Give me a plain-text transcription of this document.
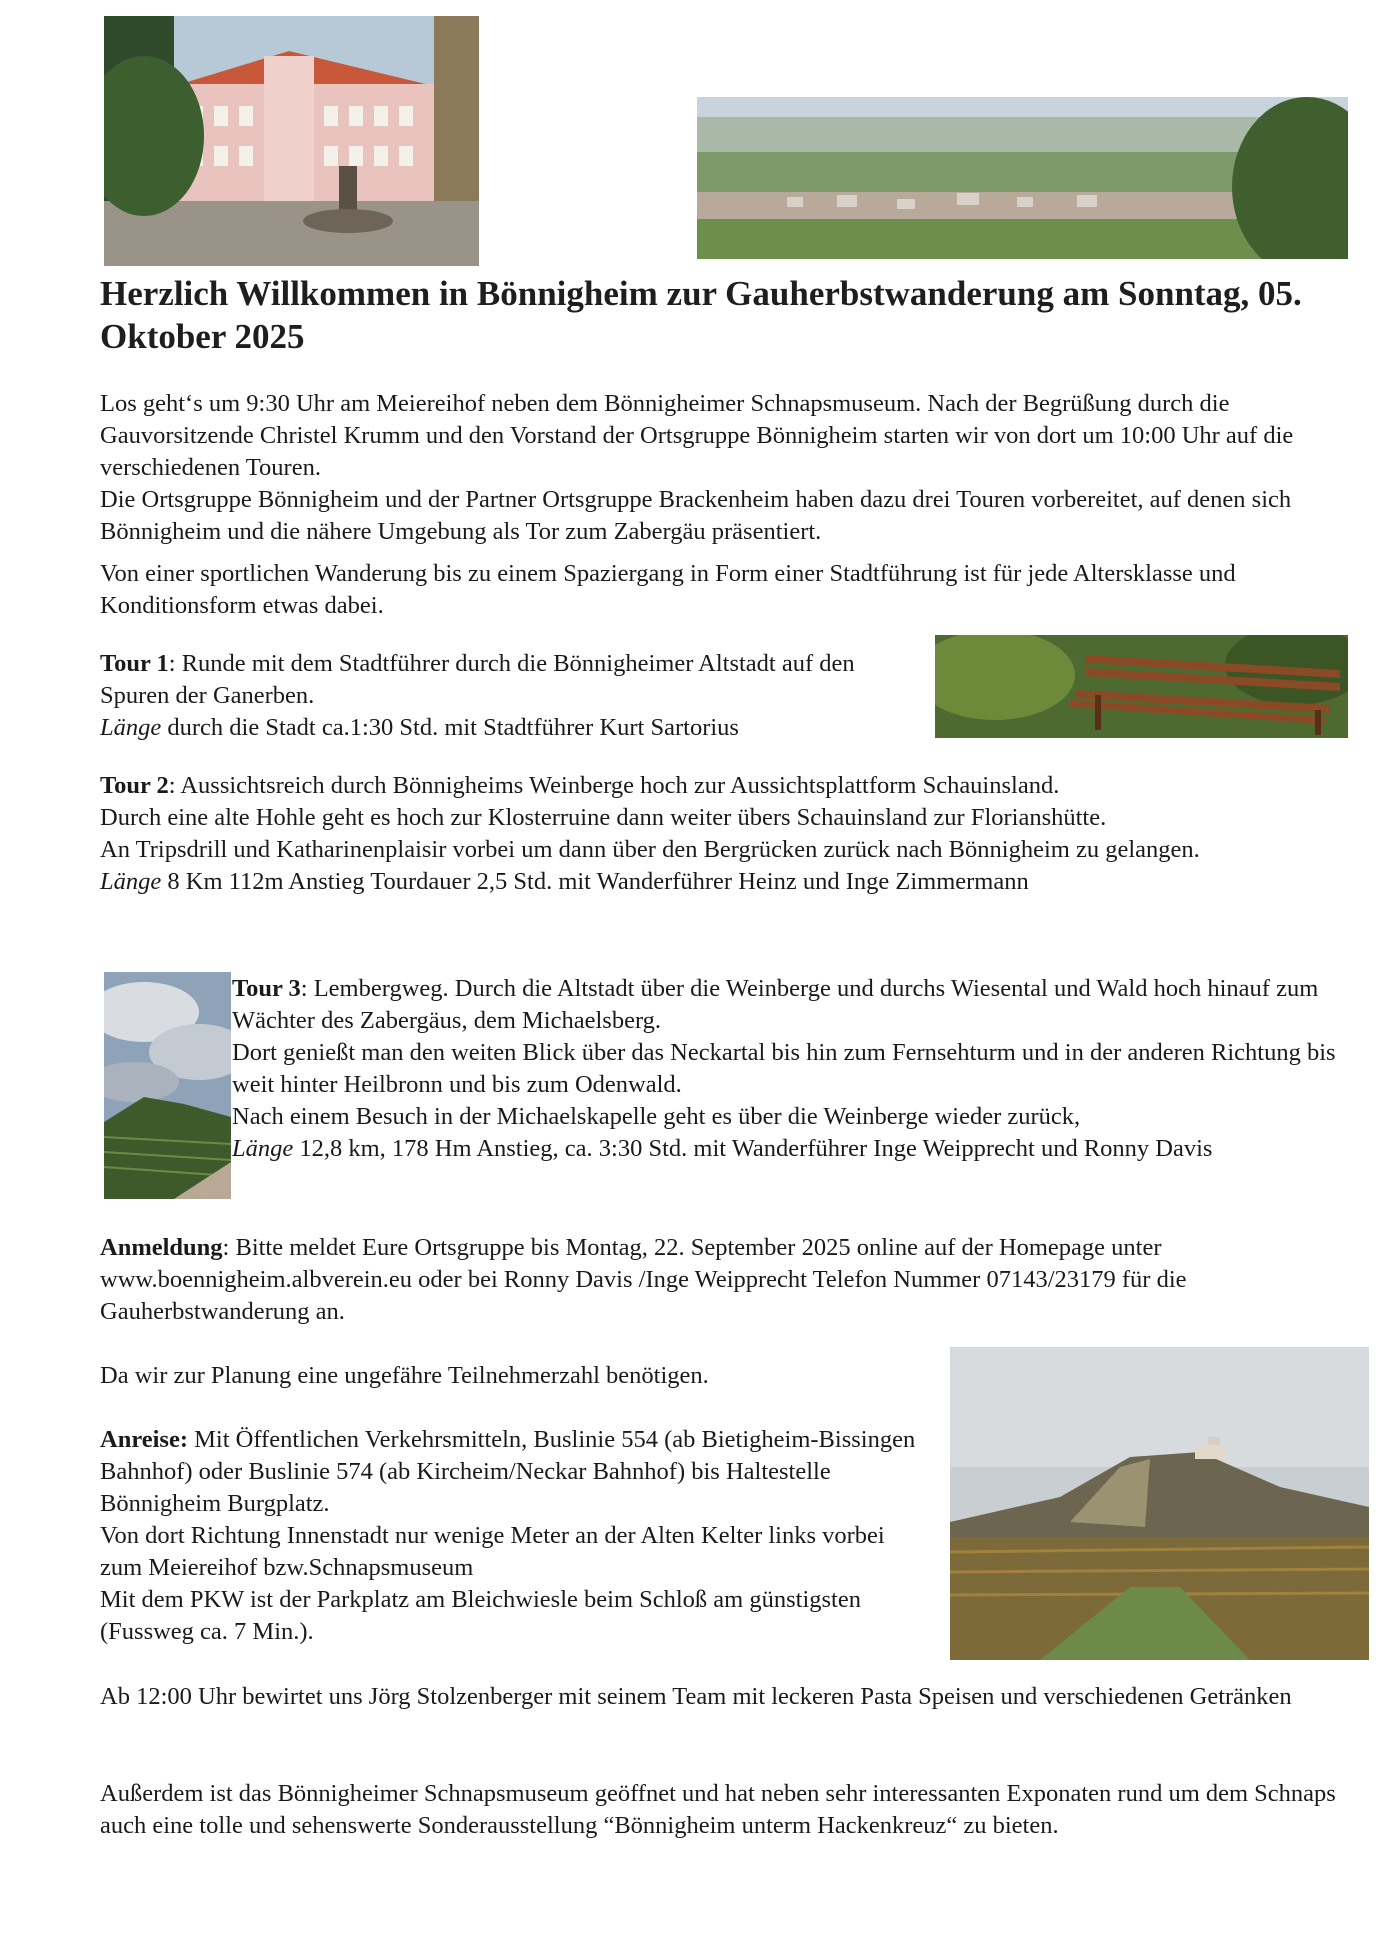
Herzlich Willkommen in Bönnigheim zur Gauherbstwanderung am Sonntag, 05. Oktober 2025

Los geht‘s um 9:30 Uhr am Meiereihof neben dem Bönnigheimer Schnapsmuseum. Nach der Begrüßung durch die Gauvorsitzende Christel Krumm und den Vorstand der Ortsgruppe Bönnigheim starten wir von dort um 10:00 Uhr auf die verschiedenen Touren.

Die Ortsgruppe Bönnigheim und der Partner Ortsgruppe Brackenheim haben dazu drei Touren vorbereitet, auf denen sich Bönnigheim und die nähere Umgebung als Tor zum Zabergäu präsentiert.

Von einer sportlichen Wanderung bis zu einem Spaziergang in Form einer Stadtführung ist für jede Altersklasse und Konditionsform etwas dabei.

Tour 1: Runde mit dem Stadtführer durch die Bönnigheimer Altstadt auf den Spuren der Ganerben.

Länge durch die Stadt ca.1:30 Std. mit Stadtführer Kurt Sartorius

Tour 2: Aussichtsreich durch Bönnigheims Weinberge hoch zur Aussichtsplattform Schauinsland.

Durch eine alte Hohle geht es hoch zur Klosterruine dann weiter übers Schauinsland zur Florianshütte.

An Tripsdrill und Katharinenplaisir vorbei um dann über den Bergrücken zurück nach Bönnigheim zu gelangen.

Länge 8 Km 112m Anstieg Tourdauer 2,5 Std. mit Wanderführer Heinz und Inge Zimmermann

Tour 3: Lembergweg. Durch die Altstadt über die Weinberge und durchs Wiesental und Wald hoch hinauf zum Wächter des Zabergäus, dem Michaelsberg.

Dort genießt man den weiten Blick über das Neckartal bis hin zum Fernsehturm und in der anderen Richtung bis weit hinter Heilbronn und bis zum Odenwald.

Nach einem Besuch in der Michaelskapelle geht es über die Weinberge wieder zurück,

Länge 12,8 km, 178 Hm Anstieg, ca. 3:30 Std. mit Wanderführer Inge Weipprecht und Ronny Davis

Anmeldung: Bitte meldet Eure Ortsgruppe bis Montag, 22. September 2025 online auf der Homepage unter www.boennigheim.albverein.eu oder bei Ronny Davis /Inge Weipprecht Telefon Nummer 07143/23179 für die Gauherbstwanderung an.

Da wir zur Planung eine ungefähre Teilnehmerzahl benötigen.

Anreise: Mit Öffentlichen Verkehrsmitteln, Buslinie 554 (ab Bietigheim-Bissingen Bahnhof) oder Buslinie 574 (ab Kircheim/Neckar Bahnhof) bis Haltestelle Bönnigheim Burgplatz.

Von dort Richtung Innenstadt nur wenige Meter an der Alten Kelter links vorbei zum Meiereihof bzw.Schnapsmuseum

Mit dem PKW ist der Parkplatz am Bleichwiesle beim Schloß am günstigsten (Fussweg ca. 7 Min.).

Ab 12:00 Uhr bewirtet uns Jörg Stolzenberger mit seinem Team mit leckeren Pasta Speisen und verschiedenen Getränken
Außerdem ist das Bönnigheimer Schnapsmuseum geöffnet und hat neben sehr interessanten Exponaten rund um dem Schnaps auch eine tolle und sehenswerte Sonderausstellung “Bönnigheim unterm Hackenkreuz“ zu bieten.
